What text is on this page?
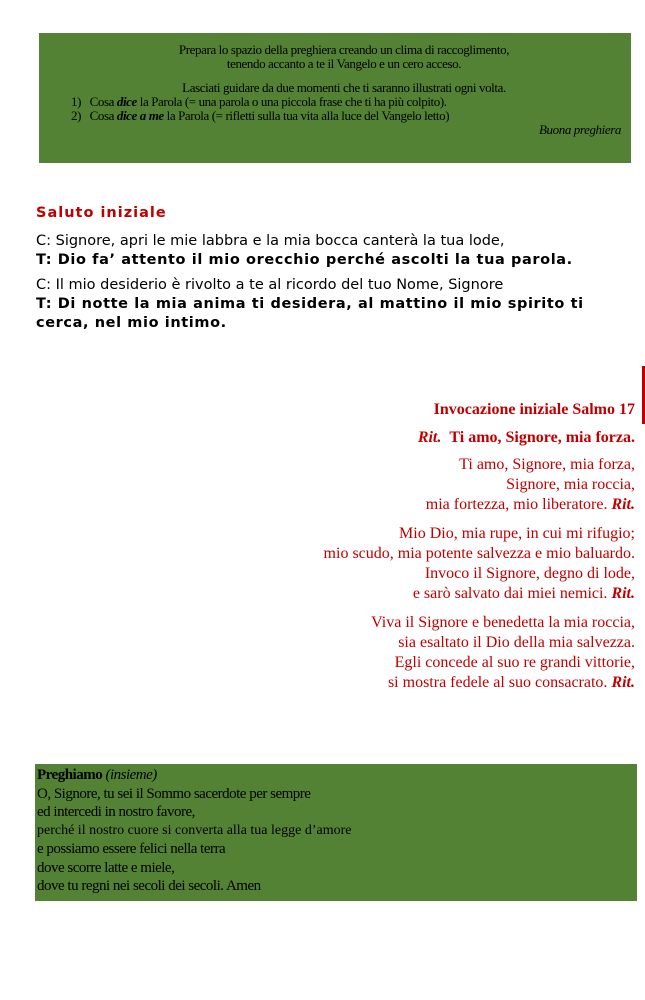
Prepara lo spazio della preghiera creando un clima di raccoglimento,
tenendo accanto a te il Vangelo e un cero acceso.
Lasciati guidare da due momenti che ti saranno illustrati ogni volta.
1) Cosa dice la Parola (= una parola o una piccola frase che ti ha più colpito).
2) Cosa dice a me la Parola (= rifletti sulla tua vita alla luce del Vangelo letto)
Buona preghiera
Saluto iniziale

C: Signore, apri le mie labbra e la mia bocca canterà la tua lode,

T: Dio fa’ attento il mio orecchio perché ascolti la tua parola.

C: Il mio desiderio è rivolto a te al ricordo del tuo Nome, Signore

T: Di notte la mia anima ti desidera, al mattino il mio spirito ti cerca, nel mio intimo.

Invocazione iniziale Salmo 17
Rit. Ti amo, Signore, mia forza.
Ti amo, Signore, mia forza,
Signore, mia roccia,
mia fortezza, mio liberatore. Rit.
Mio Dio, mia rupe, in cui mi rifugio;
mio scudo, mia potente salvezza e mio baluardo.
Invoco il Signore, degno di lode,
e sarò salvato dai miei nemici. Rit.
Viva il Signore e benedetta la mia roccia,
sia esaltato il Dio della mia salvezza.
Egli concede al suo re grandi vittorie,
si mostra fedele al suo consacrato. Rit.
Preghiamo (insieme)
O, Signore, tu sei il Sommo sacerdote per sempre
ed intercedi in nostro favore,
perché il nostro cuore si converta alla tua legge d’amore
e possiamo essere felici nella terra
dove scorre latte e miele,
dove tu regni nei secoli dei secoli. Amen
